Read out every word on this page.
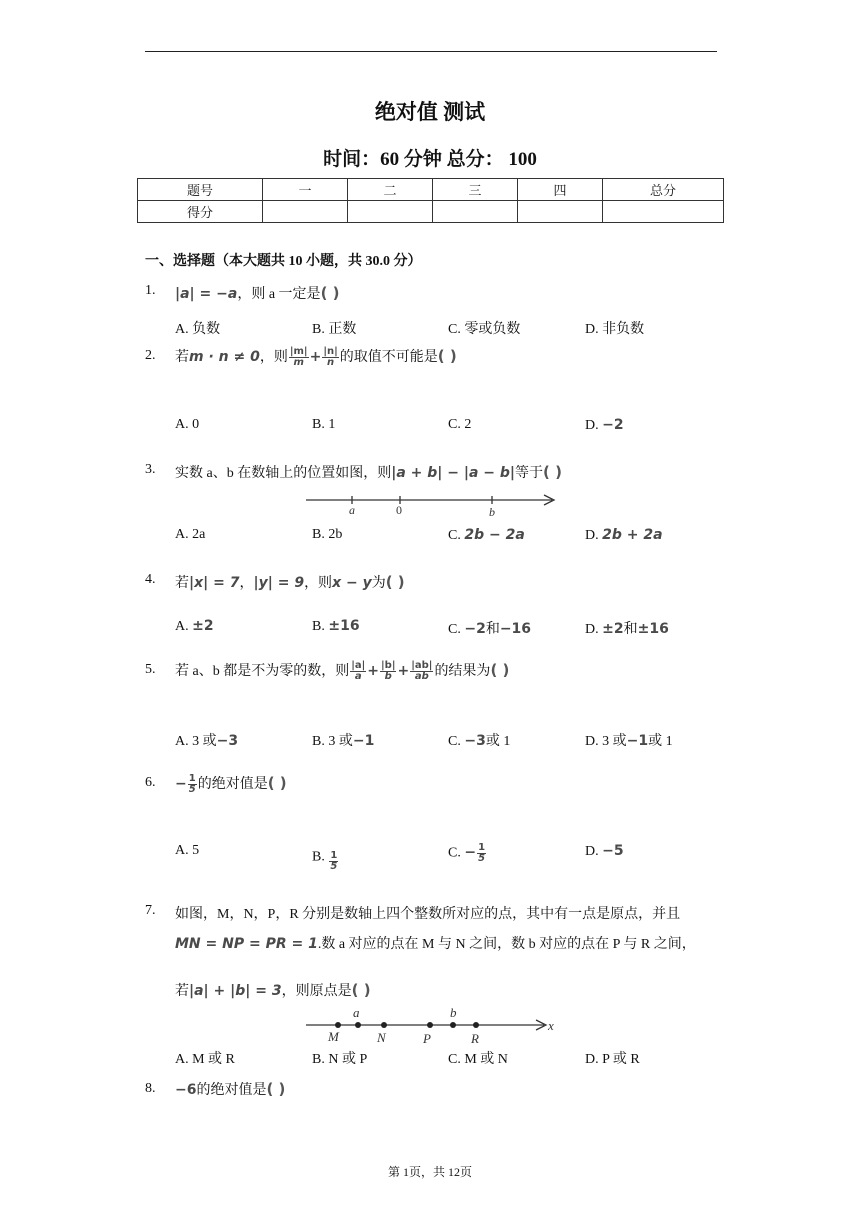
绝对值 测试
时间：60 分钟 总分： 100
题号	一	二	三	四	总分
得分					
一、选择题（本大题共 10 小题，共 30.0 分）
1. |a| = −a，则 a 一定是( )
A. 负数	B. 正数	C. 零或负数	D. 非负数
2. 若m · n ≠ 0，则 $\frac{|m|}{m} + \frac{|n|}{n}$ 的取值不可能是( )
A. 0	B. 1	C. 2	D. −2
3. 实数 a、b 在数轴上的位置如图，则|a + b| − |a − b|等于( )
a	0	b
A. 2a	B. 2b	C. 2b − 2a	D. 2b + 2a
4. 若|x| = 7，|y| = 9，则x − y为( )
A. ±2	B. ±16	C. −2和−16	D. ±2和±16
5. 若 a、b 都是不为零的数，则 $\frac{|a|}{a} + \frac{|b|}{b} + \frac{|ab|}{ab}$ 的结果为( )
A. 3 或−3	B. 3 或−1	C. −3或 1	D. 3 或−1或 1
6. − $\frac{1}{5}$ 的绝对值是( )
A. 5	B. $\frac{1}{5}$	C. − $\frac{1}{5}$	D. −5
7. 如图，M，N，P，R 分别是数轴上四个整数所对应的点，其中有一点是原点，并且
MN = NP = PR = 1.数 a 对应的点在 M 与 N 之间，数 b 对应的点在 P 与 R 之间，
若|a| + |b| = 3，则原点是( )
M
a
N	P
b
R
x
A. M 或 R	B. N 或 P	C. M 或 N	D. P 或 R
8. −6的绝对值是( )
第 1页，共 12页
